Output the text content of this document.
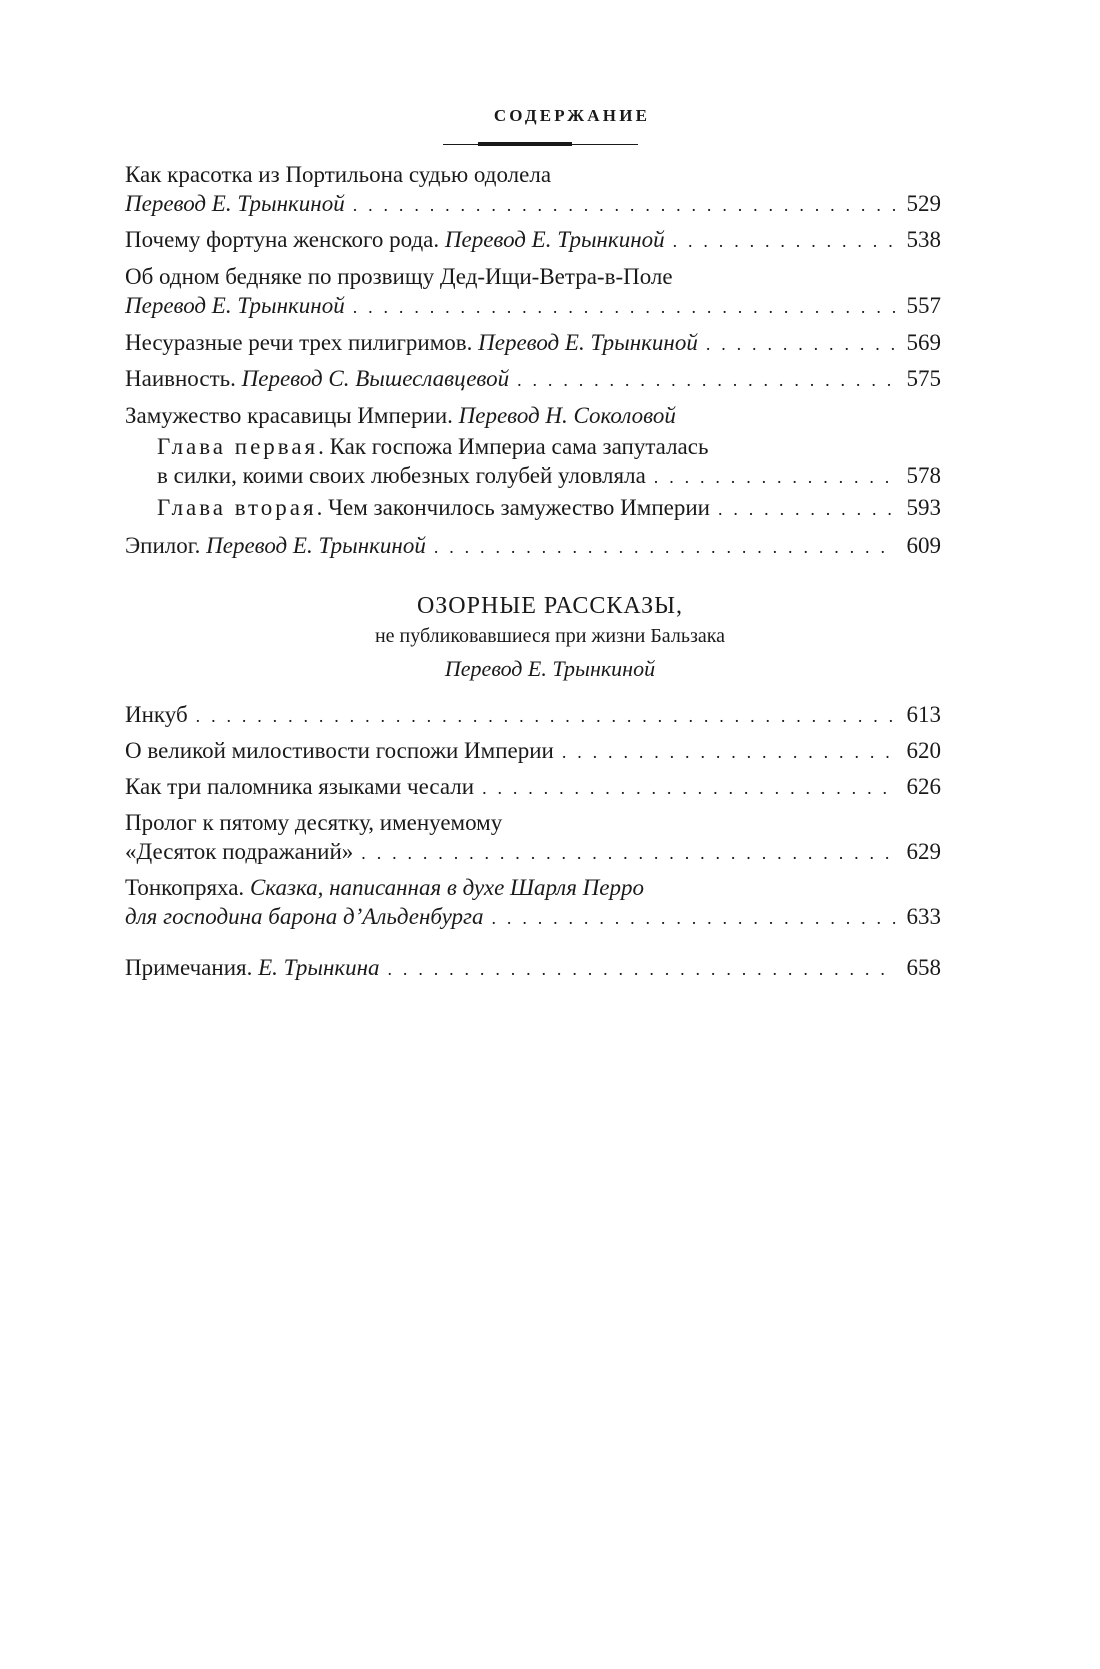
СОДЕРЖАНИЕ
Как красотка из Портильона судью одолела
Перевод Е. Трынкиной . . .	529
Почему фортуна женского рода. Перевод Е. Трынкиной . . .	538
Об одном бедняке по прозвищу Дед-Ищи-Ветра-в-Поле
Перевод Е. Трынкиной . . .	557
Несуразные речи трех пилигримов. Перевод Е. Трынкиной . . .	569
Наивность. Перевод С. Вышеславцевой . . .	575
Замужество красавицы Империи. Перевод Н. Соколовой
Глава первая. Как госпожа Империа сама запуталась
в силки, коими своих любезных голубей уловляла . . .	578
Глава вторая. Чем закончилось замужество Империи . . .	593
Эпилог. Перевод Е. Трынкиной . . .	609
Инкуб . . .	613
О великой милостивости госпожи Империи . . .	620
Как три паломника языками чесали . . .	626
Пролог к пятому десятку, именуемому
«Десяток подражаний» . . .	629
Тонкопряха. Сказка, написанная в духе Шарля Перро
для господина барона д’Альденбурга . . .	633
Примечания. Е. Трынкина . . .	658
ОЗОРНЫЕ РАССКАЗЫ,
не публиковавшиеся при жизни Бальзака
Перевод Е. Трынкиной
